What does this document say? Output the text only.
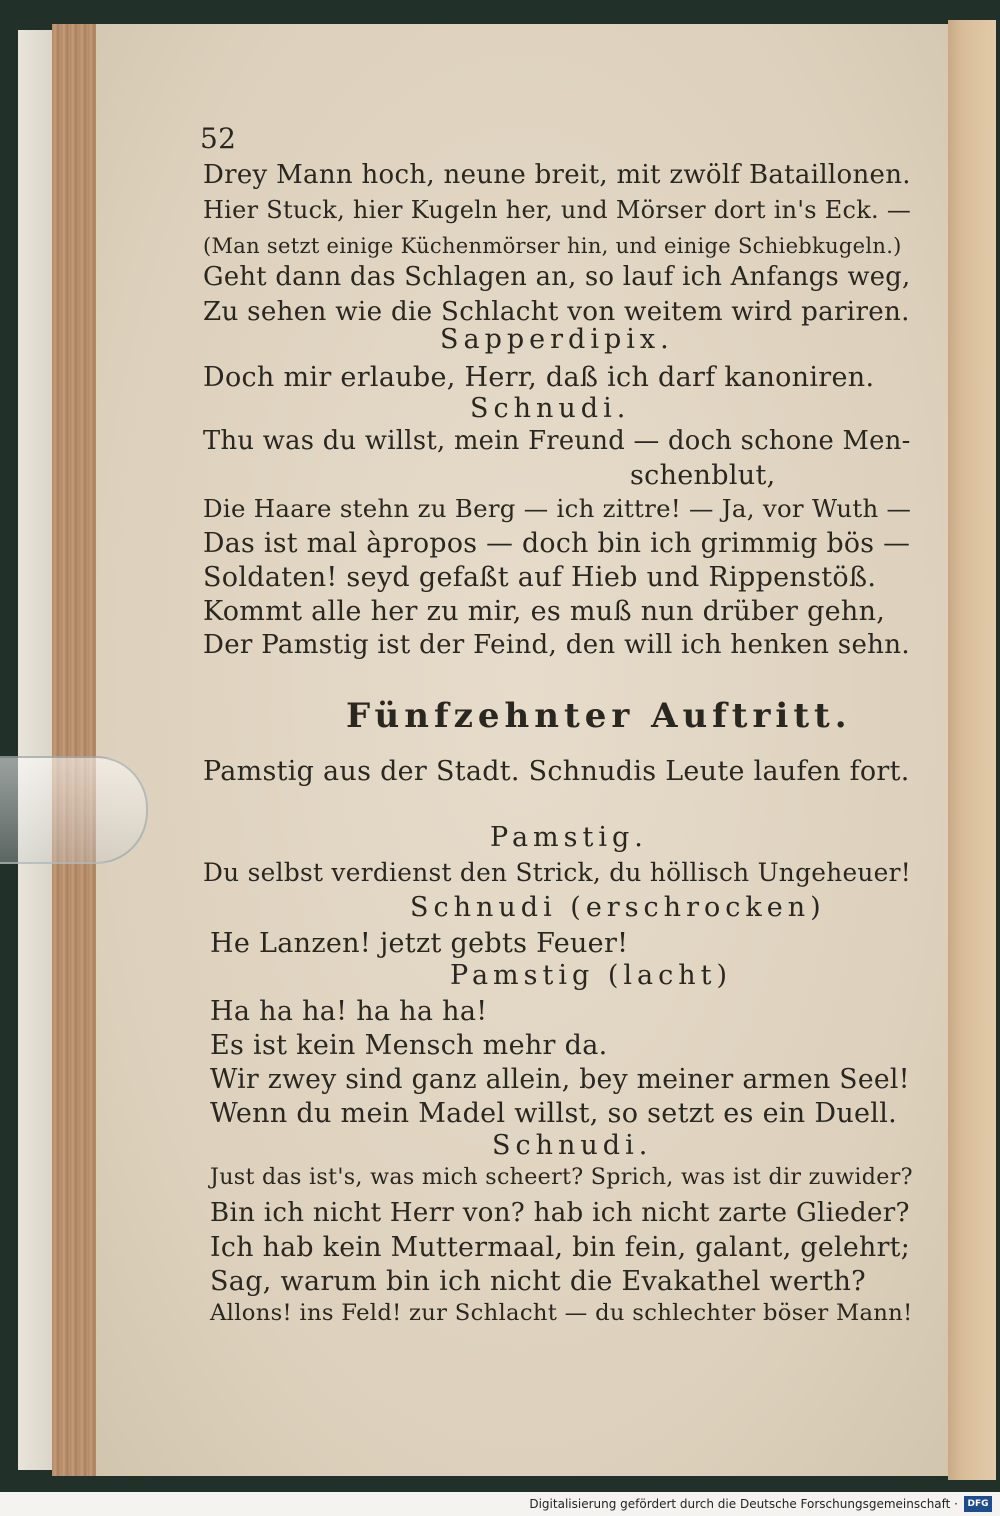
52
Drey Mann hoch, neune breit, mit zwölf Bataillonen.
Hier Stuck, hier Kugeln her, und Mörser dort in's Eck. —
(Man setzt einige Küchenmörser hin, und einige Schiebkugeln.)
Geht dann das Schlagen an, so lauf ich Anfangs weg,
Zu sehen wie die Schlacht von weitem wird pariren.
Sapperdipix.
Doch mir erlaube, Herr, daß ich darf kanoniren.
Schnudi.
Thu was du willst, mein Freund — doch schone Men-
schenblut,
Die Haare stehn zu Berg — ich zittre! — Ja, vor Wuth —
Das ist mal àpropos — doch bin ich grimmig bös —
Soldaten! seyd gefaßt auf Hieb und Rippenstöß.
Kommt alle her zu mir, es muß nun drüber gehn,
Der Pamstig ist der Feind, den will ich henken sehn.
Fünfzehnter Auftritt.
Pamstig aus der Stadt. Schnudis Leute laufen fort.
Pamstig.
Du selbst verdienst den Strick, du höllisch Ungeheuer!
Schnudi (erschrocken)
He Lanzen! jetzt gebts Feuer!
Pamstig (lacht)
Ha ha ha! ha ha ha!
Es ist kein Mensch mehr da.
Wir zwey sind ganz allein, bey meiner armen Seel!
Wenn du mein Madel willst, so setzt es ein Duell.
Schnudi.
Just das ist's, was mich scheert? Sprich, was ist dir zuwider?
Bin ich nicht Herr von? hab ich nicht zarte Glieder?
Ich hab kein Muttermaal, bin fein, galant, gelehrt;
Sag, warum bin ich nicht die Evakathel werth?
Allons! ins Feld! zur Schlacht — du schlechter böser Mann!
Digitalisierung gefördert durch die Deutsche Forschungsgemeinschaft ·	DFG
